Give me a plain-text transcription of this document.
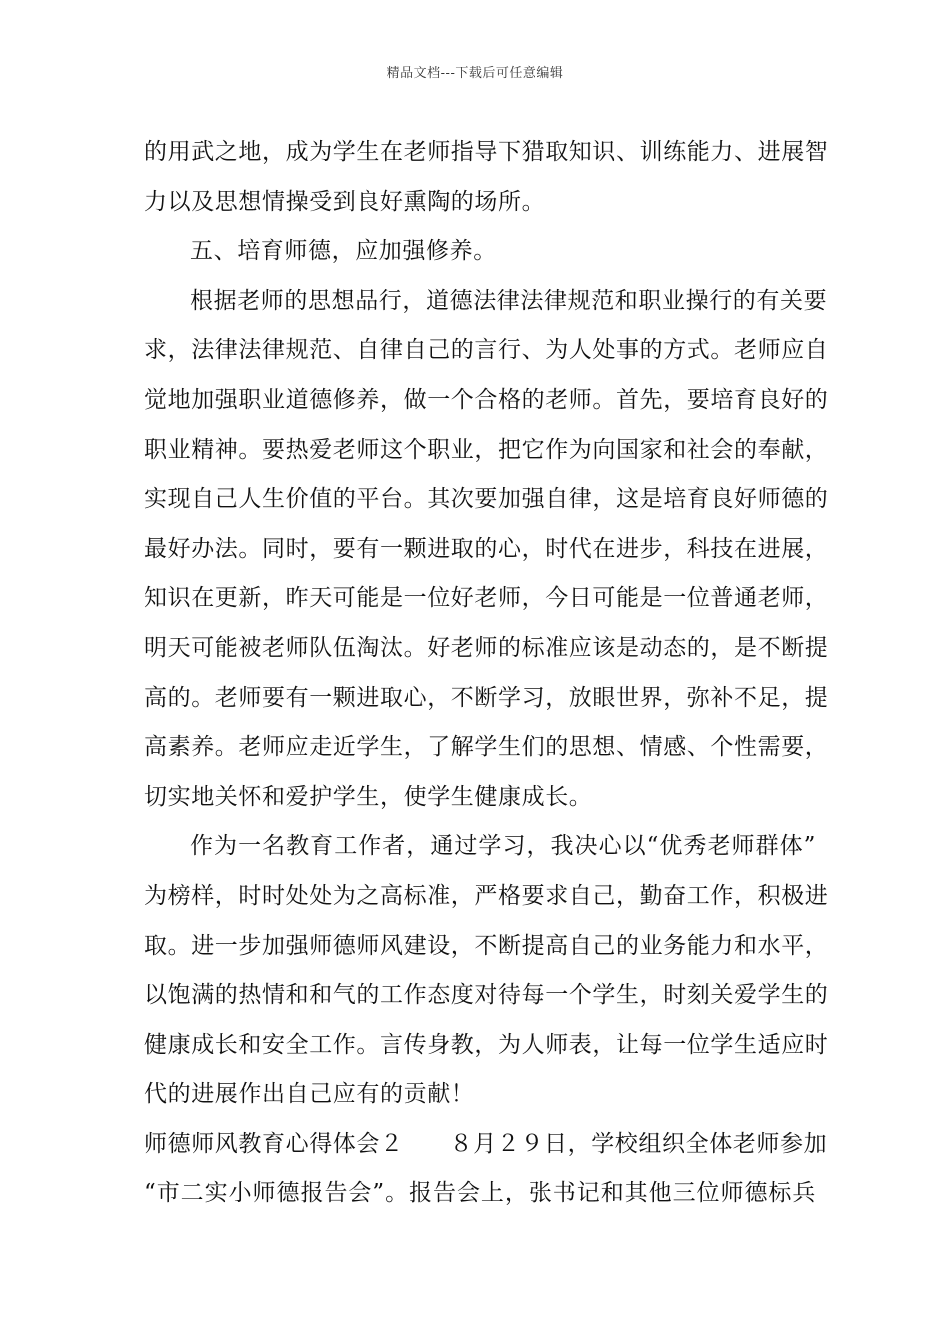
精品文档---下载后可任意编辑
的用武之地，成为学生在老师指导下猎取知识、训练能力、进展智
力以及思想情操受到良好熏陶的场所。
五、培育师德，应加强修养。
根据老师的思想品行，道德法律法律规范和职业操行的有关要
求，法律法律规范、自律自己的言行、为人处事的方式。老师应自
觉地加强职业道德修养，做一个合格的老师。首先，要培育良好的
职业精神。要热爱老师这个职业，把它作为向国家和社会的奉献，
实现自己人生价值的平台。其次要加强自律，这是培育良好师德的
最好办法。同时，要有一颗进取的心，时代在进步，科技在进展，
知识在更新，昨天可能是一位好老师，今日可能是一位普通老师，
明天可能被老师队伍淘汰。好老师的标准应该是动态的，是不断提
高的。老师要有一颗进取心，不断学习，放眼世界，弥补不足，提
高素养。老师应走近学生，了解学生们的思想、情感、个性需要，
切实地关怀和爱护学生，使学生健康成长。
作为一名教育工作者，通过学习，我决心以“优秀老师群体”
为榜样，时时处处为之高标准，严格要求自己，勤奋工作，积极进
取。进一步加强师德师风建设，不断提高自己的业务能力和水平，
以饱满的热情和和气的工作态度对待每一个学生，时刻关爱学生的
健康成长和安全工作。言传身教，为人师表，让每一位学生适应时
代的进展作出自己应有的贡献！
师德师风教育心得体会２ ８月２９日，学校组织全体老师参加
“市二实小师德报告会”。报告会上，张书记和其他三位师德标兵
